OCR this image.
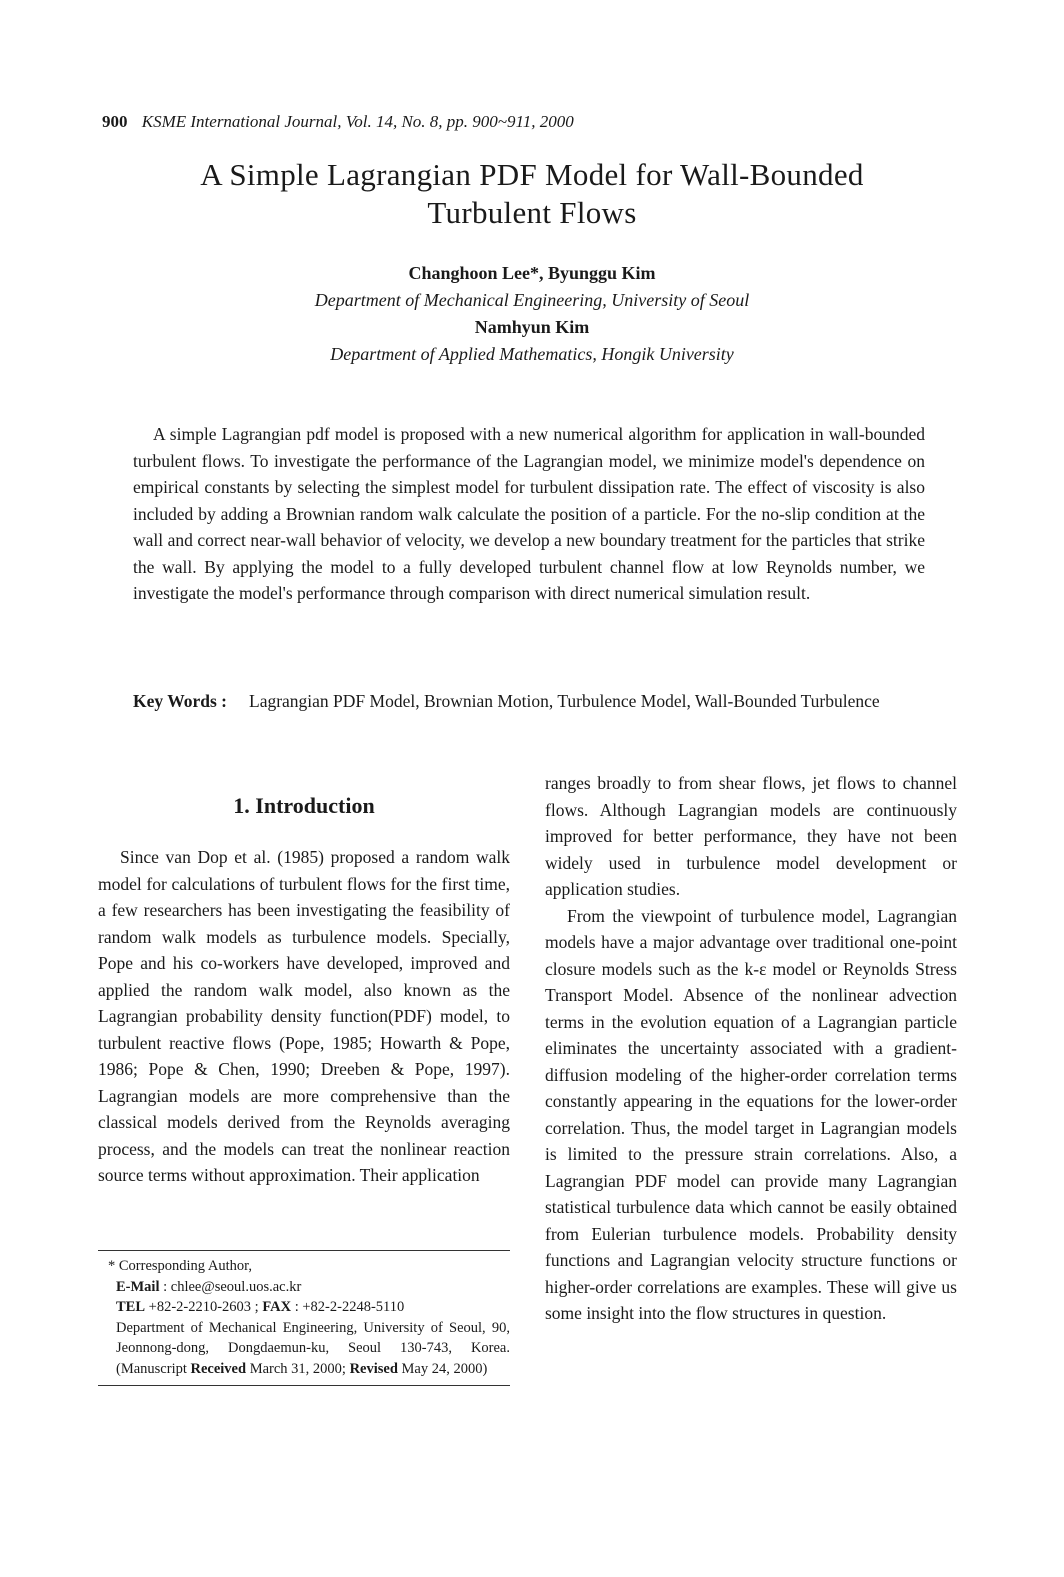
900 KSME International Journal, Vol. 14, No. 8, pp. 900~911, 2000
A Simple Lagrangian PDF Model for Wall-Bounded
Turbulent Flows
Changhoon Lee*, Byunggu Kim
Department of Mechanical Engineering, University of Seoul
Namhyun Kim
Department of Applied Mathematics, Hongik University

A simple Lagrangian pdf model is proposed with a new numerical algorithm for application in wall-bounded turbulent flows. To investigate the performance of the Lagrangian model, we minimize model's dependence on empirical constants by selecting the simplest model for turbulent dissipation rate. The effect of viscosity is also included by adding a Brownian random walk calculate the position of a particle. For the no-slip condition at the wall and correct near-wall behavior of velocity, we develop a new boundary treatment for the particles that strike the wall. By applying the model to a fully developed turbulent channel flow at low Reynolds number, we investigate the model's performance through comparison with direct numerical simulation result.

Key Words : Lagrangian PDF Model, Brownian Motion, Turbulence Model, Wall-Bounded Turbulence
1. Introduction

Since van Dop et al. (1985) proposed a random walk model for calculations of turbulent flows for the first time, a few researchers has been investigating the feasibility of random walk models as turbulence models. Specially, Pope and his co-workers have developed, improved and applied the random walk model, also known as the Lagrangian probability density function(PDF) model, to turbulent reactive flows (Pope, 1985; Howarth & Pope, 1986; Pope & Chen, 1990; Dreeben & Pope, 1997). Lagrangian models are more comprehensive than the classical models derived from the Reynolds averaging process, and the models can treat the nonlinear reaction source terms without approximation. Their application

ranges broadly to from shear flows, jet flows to channel flows. Although Lagrangian models are continuously improved for better performance, they have not been widely used in turbulence model development or application studies.

From the viewpoint of turbulence model, Lagrangian models have a major advantage over traditional one-point closure models such as the k-ε model or Reynolds Stress Transport Model. Absence of the nonlinear advection terms in the evolution equation of a Lagrangian particle eliminates the uncertainty associated with a gradient-diffusion modeling of the higher-order correlation terms constantly appearing in the equations for the lower-order correlation. Thus, the model target in Lagrangian models is limited to the pressure strain correlations. Also, a Lagrangian PDF model can provide many Lagrangian statistical turbulence data which cannot be easily obtained from Eulerian turbulence models. Probability density functions and Lagrangian velocity structure functions or higher-order correlations are examples. These will give us some insight into the flow structures in question.

* Corresponding Author,

E-Mail : chlee@seoul.uos.ac.kr

TEL +82-2-2210-2603 ; FAX : +82-2-2248-5110

Department of Mechanical Engineering, University of Seoul, 90, Jeonnong-dong, Dongdaemun-ku, Seoul 130-743, Korea.(Manuscript Received March 31, 2000; Revised May 24, 2000)
